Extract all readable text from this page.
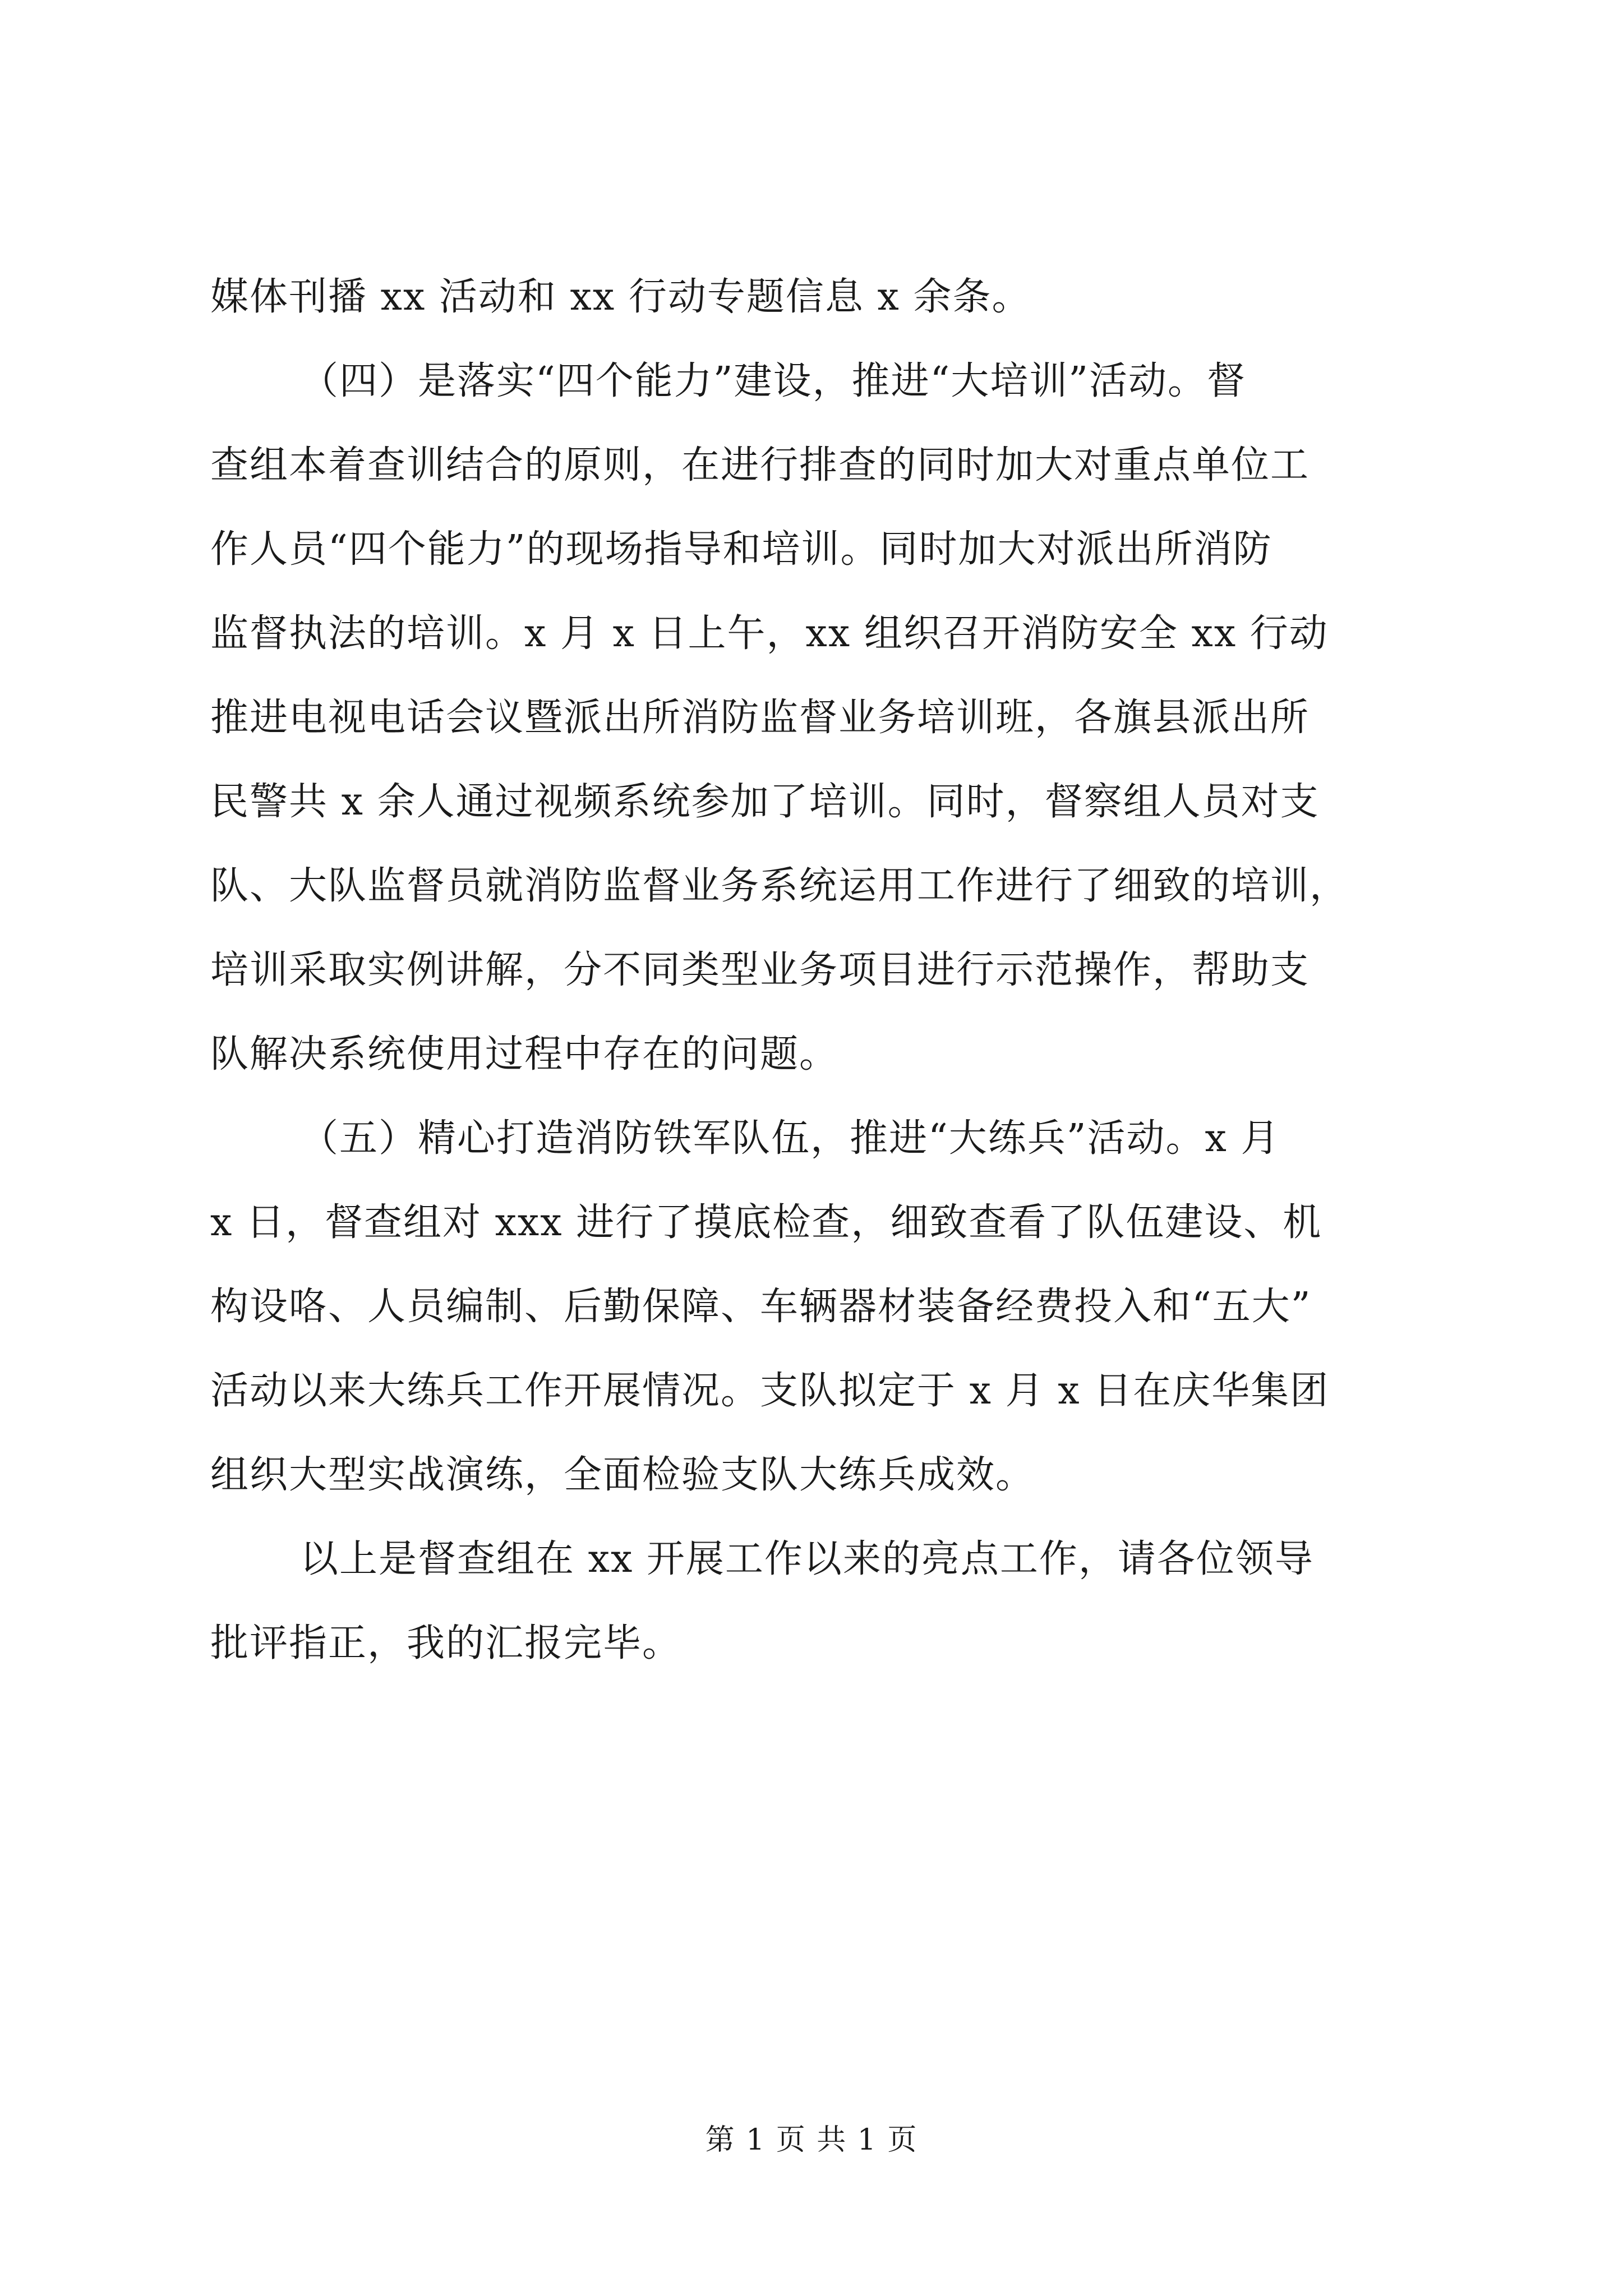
媒体刊播 xx 活动和 xx 行动专题信息 x 余条。
（四）是落实“四个能力”建设，推进“大培训”活动。督
查组本着查训结合的原则，在进行排查的同时加大对重点单位工
作人员“四个能力”的现场指导和培训。同时加大对派出所消防
监督执法的培训。x 月 x 日上午，xx 组织召开消防安全 xx 行动
推进电视电话会议暨派出所消防监督业务培训班，各旗县派出所
民警共 x 余人通过视频系统参加了培训。同时，督察组人员对支
队、大队监督员就消防监督业务系统运用工作进行了细致的培训，
培训采取实例讲解，分不同类型业务项目进行示范操作，帮助支
队解决系统使用过程中存在的问题。
（五）精心打造消防铁军队伍，推进“大练兵”活动。x 月
x 日，督查组对 xxx 进行了摸底检查，细致查看了队伍建设、机
构设咯、人员编制、后勤保障、车辆器材装备经费投入和“五大”
活动以来大练兵工作开展情况。支队拟定于 x 月 x 日在庆华集团
组织大型实战演练，全面检验支队大练兵成效。
以上是督查组在 xx 开展工作以来的亮点工作，请各位领导
批评指正，我的汇报完毕。
第 1 页 共 1 页
